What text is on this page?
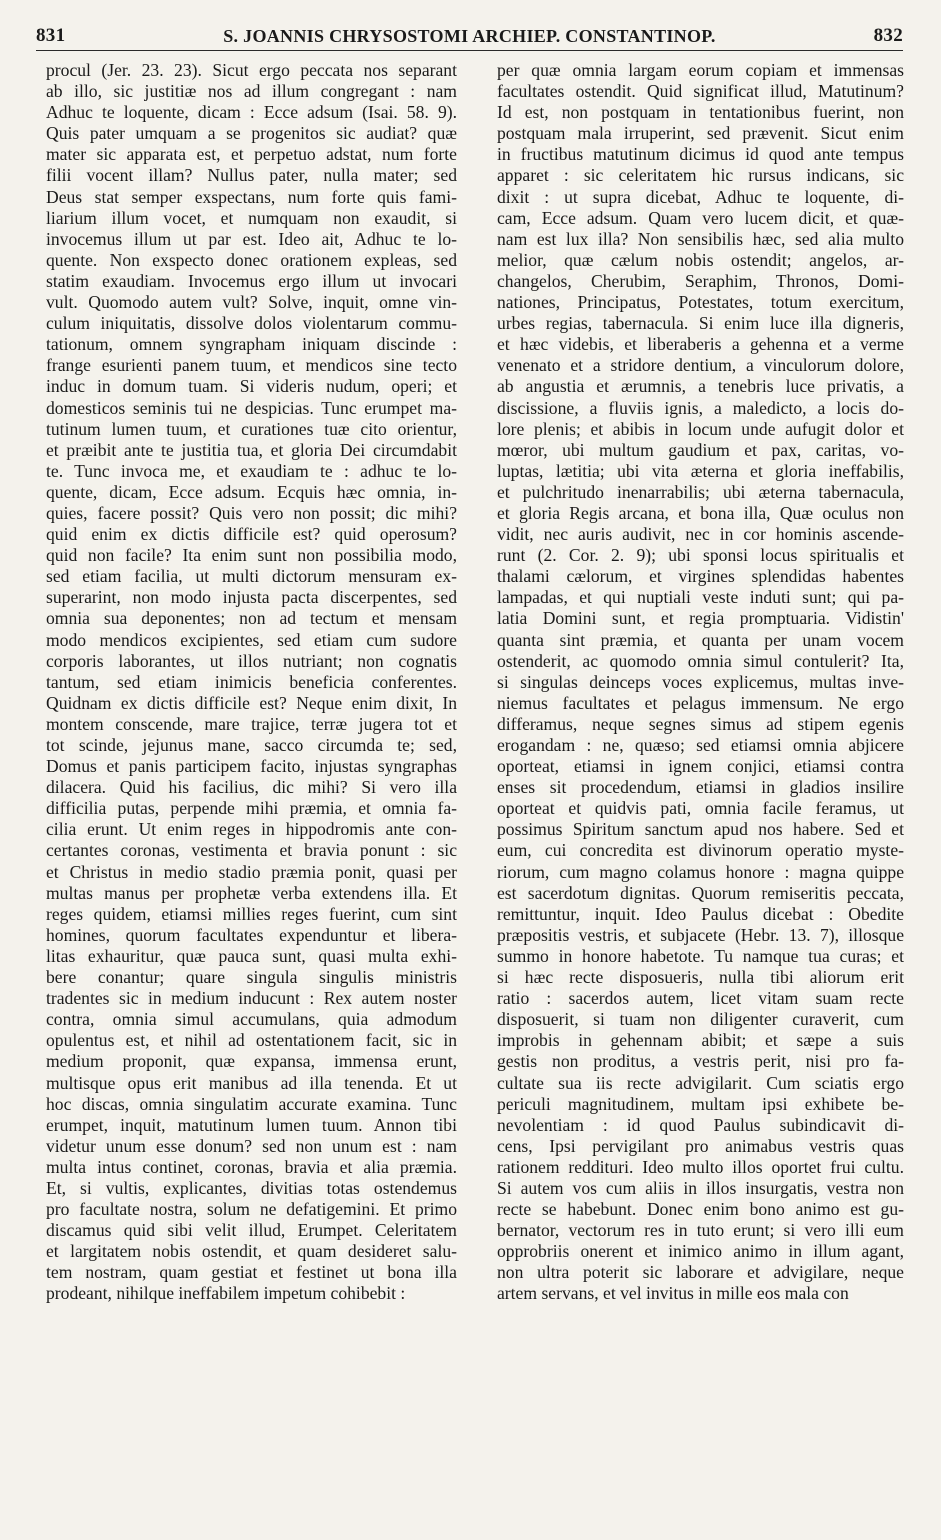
831	S. JOANNIS CHRYSOSTOMI ARCHIEP. CONSTANTINOP.	832
procul (Jer. 23. 23). Sicut ergo peccata nos separant
ab illo, sic justitiæ nos ad illum congregant : nam
Adhuc te loquente, dicam : Ecce adsum (Isai. 58. 9).
Quis pater umquam a se progenitos sic audiat? quæ
mater sic apparata est, et perpetuo adstat, num forte
filii vocent illam? Nullus pater, nulla mater; sed
Deus stat semper exspectans, num forte quis fami-
liarium illum vocet, et numquam non exaudit, si
invocemus illum ut par est. Ideo ait, Adhuc te lo-
quente. Non exspecto donec orationem expleas, sed
statim exaudiam. Invocemus ergo illum ut invocari
vult. Quomodo autem vult? Solve, inquit, omne vin-
culum iniquitatis, dissolve dolos violentarum commu-
tationum, omnem syngrapham iniquam discinde :
frange esurienti panem tuum, et mendicos sine tecto
induc in domum tuam. Si videris nudum, operi; et
domesticos seminis tui ne despicias. Tunc erumpet ma-
tutinum lumen tuum, et curationes tuæ cito orientur,
et præibit ante te justitia tua, et gloria Dei circumdabit
te. Tunc invoca me, et exaudiam te : adhuc te lo-
quente, dicam, Ecce adsum. Ecquis hæc omnia, in-
quies, facere possit? Quis vero non possit; dic mihi?
quid enim ex dictis difficile est? quid operosum?
quid non facile? Ita enim sunt non possibilia modo,
sed etiam facilia, ut multi dictorum mensuram ex-
superarint, non modo injusta pacta discerpentes, sed
omnia sua deponentes; non ad tectum et mensam
modo mendicos excipientes, sed etiam cum sudore
corporis laborantes, ut illos nutriant; non cognatis
tantum, sed etiam inimicis beneficia conferentes.
Quidnam ex dictis difficile est? Neque enim dixit, In
montem conscende, mare trajice, terræ jugera tot et
tot scinde, jejunus mane, sacco circumda te; sed,
Domus et panis participem facito, injustas syngraphas
dilacera. Quid his facilius, dic mihi? Si vero illa
difficilia putas, perpende mihi præmia, et omnia fa-
cilia erunt. Ut enim reges in hippodromis ante con-
certantes coronas, vestimenta et bravia ponunt : sic
et Christus in medio stadio præmia ponit, quasi per
multas manus per prophetæ verba extendens illa. Et
reges quidem, etiamsi millies reges fuerint, cum sint
homines, quorum facultates expenduntur et libera-
litas exhauritur, quæ pauca sunt, quasi multa exhi-
bere conantur; quare singula singulis ministris
tradentes sic in medium inducunt : Rex autem noster
contra, omnia simul accumulans, quia admodum
opulentus est, et nihil ad ostentationem facit, sic in
medium proponit, quæ expansa, immensa erunt,
multisque opus erit manibus ad illa tenenda. Et ut
hoc discas, omnia singulatim accurate examina. Tunc
erumpet, inquit, matutinum lumen tuum. Annon tibi
videtur unum esse donum? sed non unum est : nam
multa intus continet, coronas, bravia et alia præmia.
Et, si vultis, explicantes, divitias totas ostendemus
pro facultate nostra, solum ne defatigemini. Et primo
discamus quid sibi velit illud, Erumpet. Celeritatem
et largitatem nobis ostendit, et quam desideret salu-
tem nostram, quam gestiat et festinet ut bona illa
prodeant, nihilque ineffabilem impetum cohibebit :
per quæ omnia largam eorum copiam et immensas
facultates ostendit. Quid significat illud, Matutinum?
Id est, non postquam in tentationibus fuerint, non
postquam mala irruperint, sed prævenit. Sicut enim
in fructibus matutinum dicimus id quod ante tempus
apparet : sic celeritatem hic rursus indicans, sic
dixit : ut supra dicebat, Adhuc te loquente, di-
cam, Ecce adsum. Quam vero lucem dicit, et quæ-
nam est lux illa? Non sensibilis hæc, sed alia multo
melior, quæ cælum nobis ostendit; angelos, ar-
changelos, Cherubim, Seraphim, Thronos, Domi-
nationes, Principatus, Potestates, totum exercitum,
urbes regias, tabernacula. Si enim luce illa digneris,
et hæc videbis, et liberaberis a gehenna et a verme
venenato et a stridore dentium, a vinculorum dolore,
ab angustia et ærumnis, a tenebris luce privatis, a
discissione, a fluviis ignis, a maledicto, a locis do-
lore plenis; et abibis in locum unde aufugit dolor et
mœror, ubi multum gaudium et pax, caritas, vo-
luptas, lætitia; ubi vita æterna et gloria ineffabilis,
et pulchritudo inenarrabilis; ubi æterna tabernacula,
et gloria Regis arcana, et bona illa, Quæ oculus non
vidit, nec auris audivit, nec in cor hominis ascende-
runt (2. Cor. 2. 9); ubi sponsi locus spiritualis et
thalami cælorum, et virgines splendidas habentes
lampadas, et qui nuptiali veste induti sunt; qui pa-
latia Domini sunt, et regia promptuaria. Vidistin'
quanta sint præmia, et quanta per unam vocem
ostenderit, ac quomodo omnia simul contulerit? Ita,
si singulas deinceps voces explicemus, multas inve-
niemus facultates et pelagus immensum. Ne ergo
differamus, neque segnes simus ad stipem egenis
erogandam : ne, quæso; sed etiamsi omnia abjicere
oporteat, etiamsi in ignem conjici, etiamsi contra
enses sit procedendum, etiamsi in gladios insilire
oporteat et quidvis pati, omnia facile feramus, ut
possimus Spiritum sanctum apud nos habere. Sed et
eum, cui concredita est divinorum operatio myste-
riorum, cum magno colamus honore : magna quippe
est sacerdotum dignitas. Quorum remiseritis peccata,
remittuntur, inquit. Ideo Paulus dicebat : Obedite
præpositis vestris, et subjacete (Hebr. 13. 7), illosque
summo in honore habetote. Tu namque tua curas; et
si hæc recte disposueris, nulla tibi aliorum erit
ratio : sacerdos autem, licet vitam suam recte
disposuerit, si tuam non diligenter curaverit, cum
improbis in gehennam abibit; et sæpe a suis
gestis non proditus, a vestris perit, nisi pro fa-
cultate sua iis recte advigilarit. Cum sciatis ergo
periculi magnitudinem, multam ipsi exhibete be-
nevolentiam : id quod Paulus subindicavit di-
cens, Ipsi pervigilant pro animabus vestris quas
rationem reddituri. Ideo multo illos oportet frui cultu.
Si autem vos cum aliis in illos insurgatis, vestra non
recte se habebunt. Donec enim bono animo est gu-
bernator, vectorum res in tuto erunt; si vero illi eum
opprobriis onerent et inimico animo in illum agant,
non ultra poterit sic laborare et advigilare, neque
artem servans, et vel invitus in mille eos mala con
